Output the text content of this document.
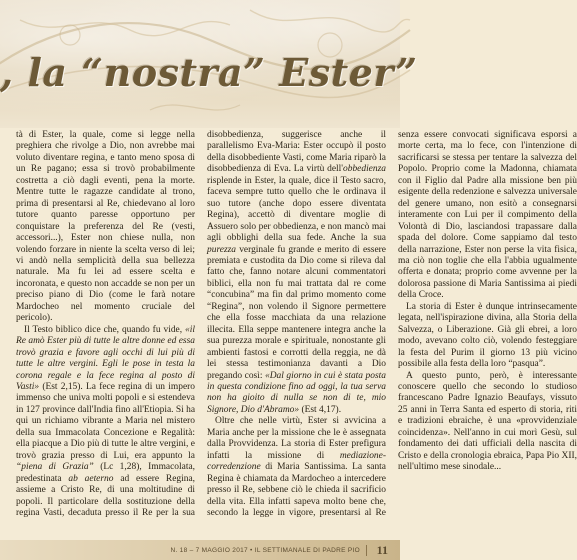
, la “nostra” Ester”

tà di Ester, la quale, come si legge nella preghiera che rivolge a Dio, non avrebbe mai voluto diventare regina, e tanto meno sposa di un Re pagano; essa si trovò probabilmente costretta a ciò dagli eventi, pena la morte. Mentre tutte le ragazze candidate al trono, prima di presentarsi al Re, chiedevano al loro tutore quanto paresse opportuno per conquistare la preferenza del Re (vesti, accessori...), Ester non chiese nulla, non volendo forzare in niente la scelta verso di lei; vi andò nella semplicità della sua bellezza naturale. Ma fu lei ad essere scelta e incoronata, e questo non accadde se non per un preciso piano di Dio (come le farà notare Mardocheo nel momento cruciale del pericolo).

Il Testo biblico dice che, quando fu vide, «il Re amò Ester più di tutte le altre donne ed essa trovò grazia e favore agli occhi di lui più di tutte le altre vergini. Egli le pose in testa la corona regale e la fece regina al posto di Vasti» (Est 2,15). La fece regina di un impero immenso che univa molti popoli e si estendeva in 127 province dall'India fino all'Etiopia. Si ha qui un richiamo vibrante a Maria nel mistero della sua Immacolata Concezione e Regalità: ella piacque a Dio più di tutte le altre vergini, e trovò grazia presso di Lui, era appunto la “piena di Grazia” (Lc 1,28), Immacolata, predestinata ab aeterno ad essere Regina, assieme a Cristo Re, di una moltitudine di popoli. Il particolare della sostituzione della regina Vasti, decaduta presso il Re per la sua disobbedienza, suggerisce anche il parallelismo Eva-Maria: Ester occupò il posto della disobbediente Vasti, come Maria riparò la disobbedienza di Eva. La virtù dell'obbedienza risplende in Ester, la quale, dice il Testo sacro, faceva sempre tutto quello che le ordinava il suo tutore (anche dopo essere diventata Regina), accettò di diventare moglie di Assuero solo per obbedienza, e non mancò mai agli obblighi della sua fede. Anche la sua purezza verginale fu grande e merito di essere premiata e custodita da Dio come si rileva dal fatto che, fanno notare alcuni commentatori biblici, ella non fu mai trattata dal re come “concubina” ma fin dal primo momento come “Regina”, non volendo il Signore permettere che ella fosse macchiata da una relazione illecita. Ella seppe mantenere integra anche la sua purezza morale e spirituale, nonostante gli ambienti fastosi e corrotti della reggia, ne dà lei stessa testimonianza davanti a Dio pregando così: «Dal giorno in cui è stata posta in questa condizione fino ad oggi, la tua serva non ha gioito di nulla se non di te, mio Signore, Dio d'Abramo» (Est 4,17).

Oltre che nelle virtù, Ester si avvicina a Maria anche per la missione che le è assegnata dalla Provvidenza. La storia di Ester prefigura infatti la missione di mediazione-corredenzione di Maria Santissima. La santa Regina è chiamata da Mardocheo a intercedere presso il Re, sebbene ciò le chieda il sacrificio della vita. Ella infatti sapeva molto bene che, secondo la legge in vigore, presentarsi al Re senza essere convocati significava esporsi a morte certa, ma lo fece, con l'intenzione di sacrificarsi se stessa per tentare la salvezza del Popolo. Proprio come la Madonna, chiamata con il Figlio dal Padre alla missione ben più esigente della redenzione e salvezza universale del genere umano, non esitò a consegnarsi interamente con Lui per il compimento della Volontà di Dio, lasciandosi trapassare dalla spada del dolore. Come sappiamo dal testo della narrazione, Ester non perse la vita fisica, ma ciò non toglie che ella l'abbia ugualmente offerta e donata; proprio come avvenne per la dolorosa passione di Maria Santissima ai piedi della Croce.

La storia di Ester è dunque intrinsecamente legata, nell'ispirazione divina, alla Storia della Salvezza, o Liberazione. Già gli ebrei, a loro modo, avevano colto ciò, volendo festeggiare la festa del Purim il giorno 13 più vicino possibile alla festa della loro “pasqua”.

A questo punto, però, è interessante conoscere quello che secondo lo studioso francescano Padre Ignazio Beaufays, vissuto 25 anni in Terra Santa ed esperto di storia, riti e tradizioni ebraiche, è una «provvidenziale coincidenza». Nell'anno in cui morì Gesù, sul fondamento dei dati ufficiali della nascita di Cristo e della cronologia ebraica, Papa Pio XII, nell'ultimo mese sinodale...

N. 18 – 7 MAGGIO 2017 • IL SETTIMANALE DI PADRE PIO 11
